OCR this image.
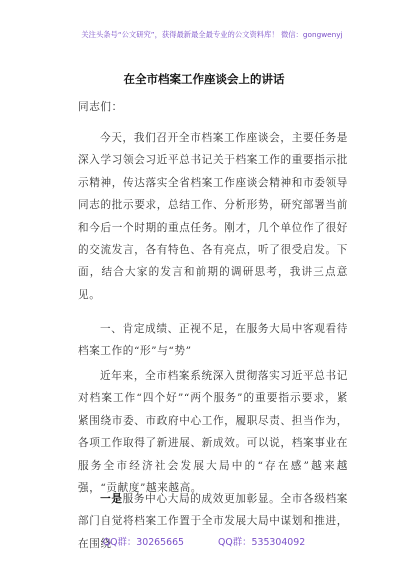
关注头条号“公文研究”，获得最新最全最专业的公文资料库！ 微信：gongwenyj
在全市档案工作座谈会上的讲话
同志们：
今天，我们召开全市档案工作座谈会，主要任务是深入学习领会习近平总书记关于档案工作的重要指示批示精神，传达落实全省档案工作座谈会精神和市委领导同志的批示要求，总结工作、分析形势，研究部署当前和今后一个时期的重点任务。刚才，几个单位作了很好的交流发言，各有特色、各有亮点，听了很受启发。下面，结合大家的发言和前期的调研思考，我讲三点意见。
一、肯定成绩、正视不足，在服务大局中客观看待档案工作的“形”与“势”
近年来，全市档案系统深入贯彻落实习近平总书记对档案工作“四个好”“两个服务”的重要指示要求，紧紧围绕市委、市政府中心工作，履职尽责、担当作为，各项工作取得了新进展、新成效。可以说，档案事业在服务全市经济社会发展大局中的“存在感”越来越强，“贡献度”越来越高。
一是服务中心大局的成效更加彰显。全市各级档案部门自觉将档案工作置于全市发展大局中谋划和推进，在围绕
QQ群：30265665	QQ群：535304092
